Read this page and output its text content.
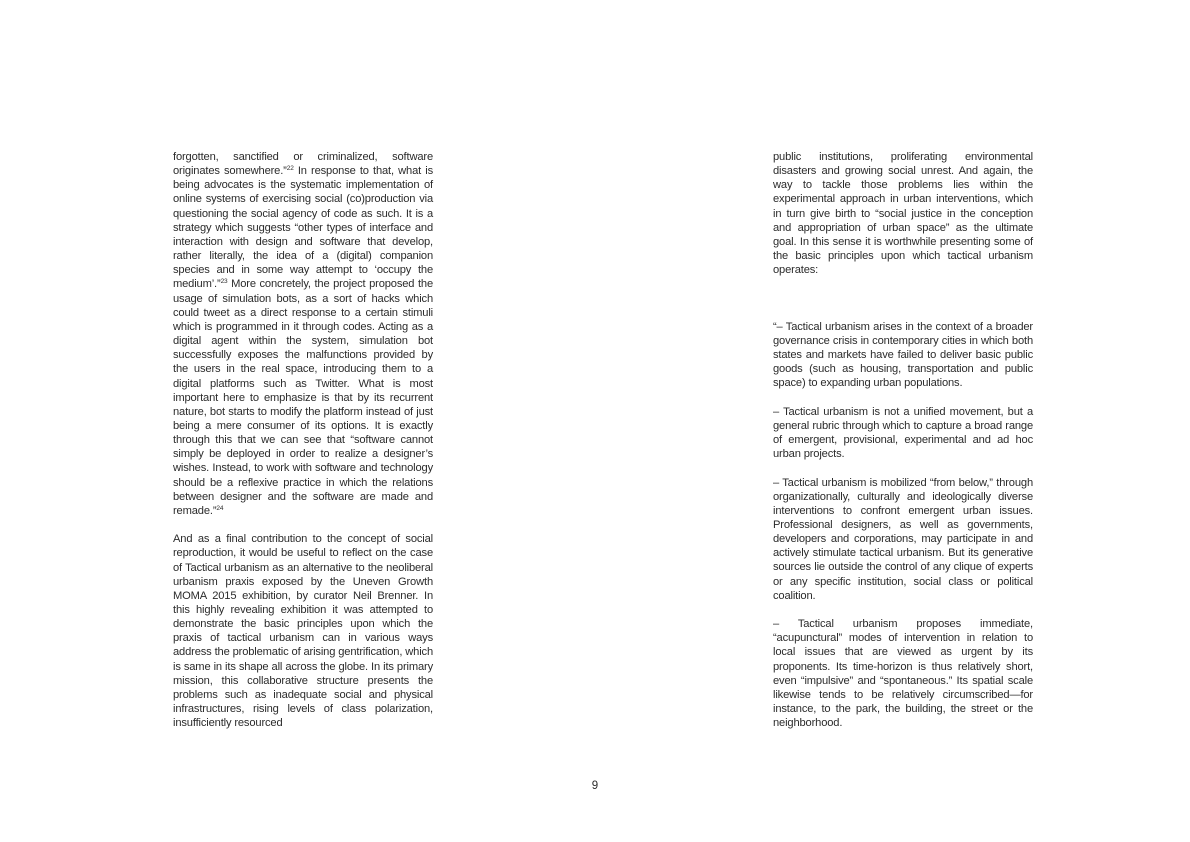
forgotten, sanctified or criminalized, software originates somewhere.”$^{22}$ In response to that, what is being advocates is the systematic implementation of online systems of exercising social (co)production via questioning the social agency of code as such. It is a strategy which suggests “other types of interface and interaction with design and software that develop, rather literally, the idea of a (digital) companion species and in some way attempt to ‘occupy the medium’.”$^{23}$ More concretely, the project proposed the usage of simulation bots, as a sort of hacks which could tweet as a direct response to a certain stimuli which is programmed in it through codes. Acting as a digital agent within the system, simulation bot successfully exposes the malfunctions provided by the users in the real space, introducing them to a digital platforms such as Twitter. What is most important here to emphasize is that by its recurrent nature, bot starts to modify the platform instead of just being a mere consumer of its options. It is exactly through this that we can see that “software cannot simply be deployed in order to realize a designer’s wishes. Instead, to work with software and technology should be a reflexive practice in which the relations between designer and the software are made and remade.”$^{24}$

And as a final contribution to the concept of social reproduction, it would be useful to reflect on the case of Tactical urbanism as an alternative to the neoliberal urbanism praxis exposed by the Uneven Growth MOMA 2015 exhibition, by curator Neil Brenner. In this highly revealing exhibition it was attempted to demonstrate the basic principles upon which the praxis of tactical urbanism can in various ways address the problematic of arising gentrification, which is same in its shape all across the globe. In its primary mission, this collaborative structure presents the problems such as inadequate social and physical infrastructures, rising levels of class polarization, insufficiently resourced

public institutions, proliferating environmental disasters and growing social unrest. And again, the way to tackle those problems lies within the experimental approach in urban interventions, which in turn give birth to “social justice in the conception and appropriation of urban space” as the ultimate goal. In this sense it is worthwhile presenting some of the basic principles upon which tactical urbanism operates:

“– Tactical urbanism arises in the context of a broader governance crisis in contemporary cities in which both states and markets have failed to deliver basic public goods (such as housing, transportation and public space) to expanding urban populations.

– Tactical urbanism is not a unified movement, but a general rubric through which to capture a broad range of emergent, provisional, experimental and ad hoc urban projects.

– Tactical urbanism is mobilized “from below,” through organizationally, culturally and ideologically diverse interventions to confront emergent urban issues. Professional designers, as well as governments, developers and corporations, may participate in and actively stimulate tactical urbanism. But its generative sources lie outside the control of any clique of experts or any specific institution, social class or political coalition.

– Tactical urbanism proposes immediate, “acupunctural” modes of intervention in relation to local issues that are viewed as urgent by its proponents. Its time-horizon is thus relatively short, even “impulsive” and “spontaneous.” Its spatial scale likewise tends to be relatively circumscribed—for instance, to the park, the building, the street or the neighborhood.

9
